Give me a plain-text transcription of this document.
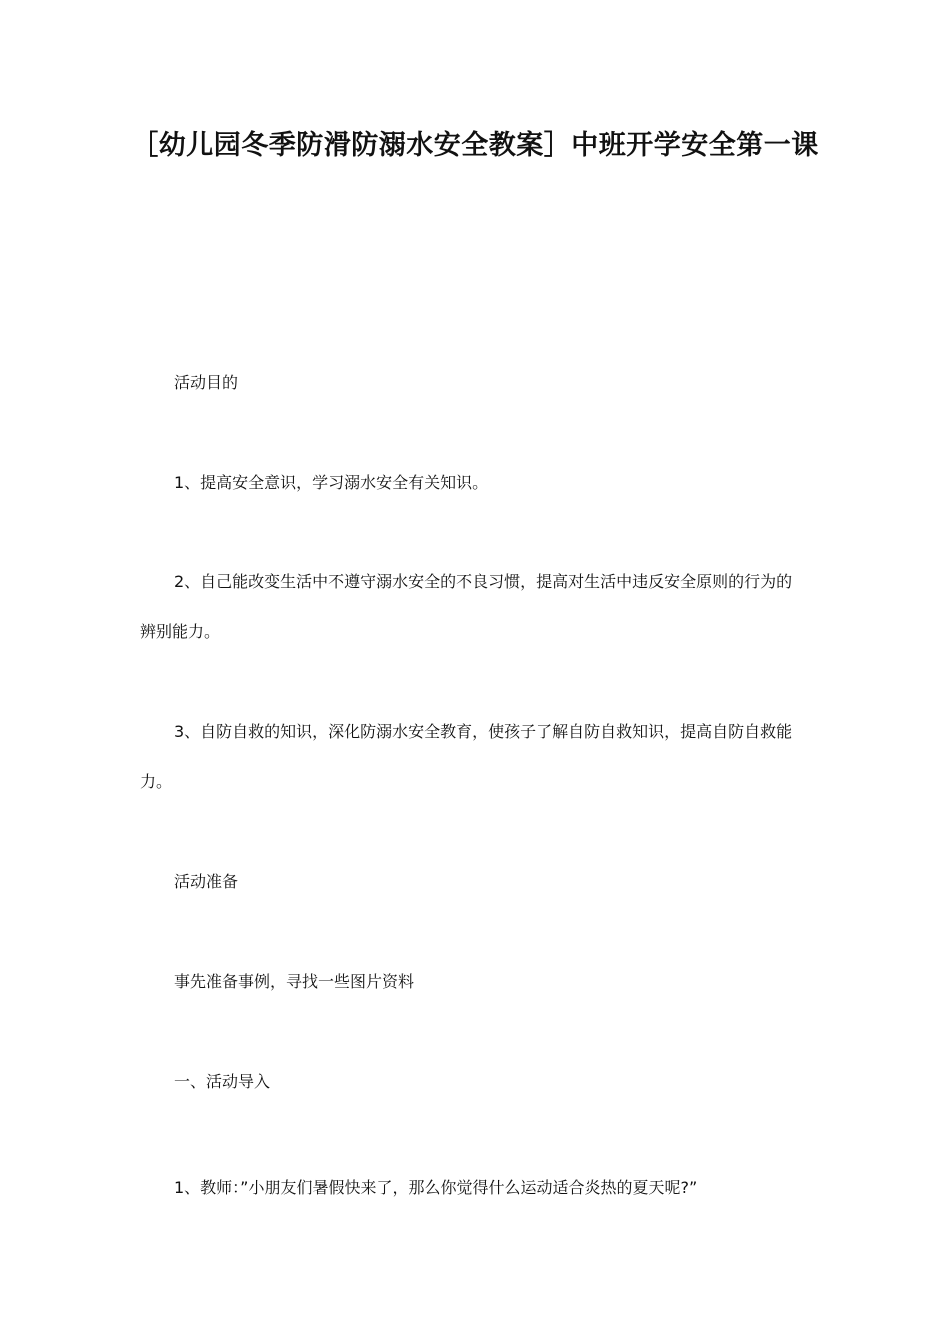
［幼儿园冬季防滑防溺水安全教案］中班开学安全第一课

活动目的

1、提高安全意识，学习溺水安全有关知识。

2、自己能改变生活中不遵守溺水安全的不良习惯，提高对生活中违反安全原则的行为的辨别能力。

3、自防自救的知识，深化防溺水安全教育，使孩子了解自防自救知识，提高自防自救能力。

活动准备

事先准备事例，寻找一些图片资料

一、活动导入

1、教师：”小朋友们暑假快来了，那么你觉得什么运动适合炎热的夏天呢?”
